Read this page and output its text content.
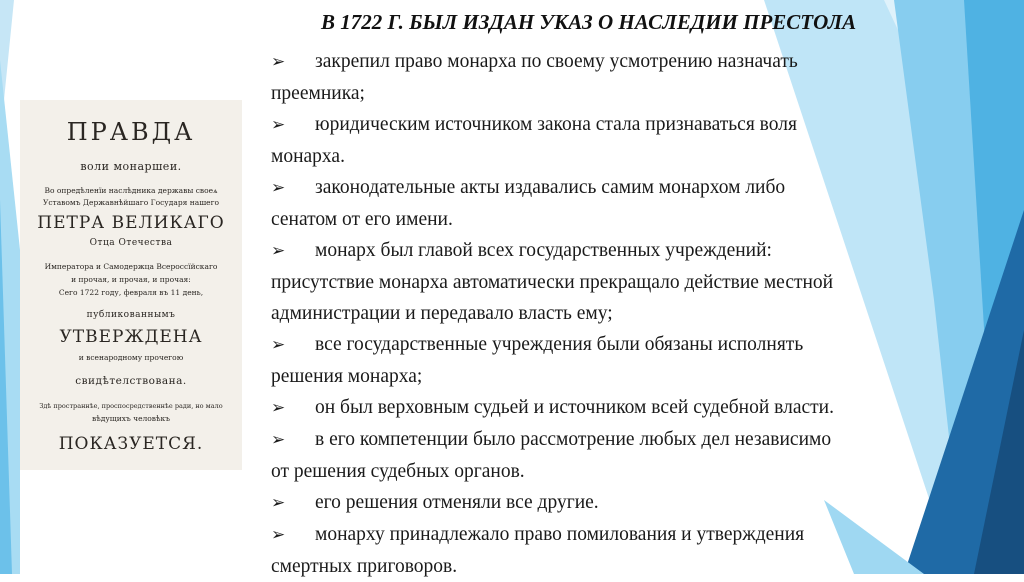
ПРАВДА
воли монаршеи.
Во опредѣленїи наслѣдника державы своеѧ
Уставомъ Державнѣйшаго Государя нашего
ПЕТРА ВЕЛИКАГО
Отца Отечества
Императора и Самодержца Всероссїйскаго
и прочая, и прочая, и прочая:
Сего 1722 году, февраля въ 11 день,
публикованнымъ
УТВЕРЖДЕНА
и всенародному прочегою
свидѣтелствована.
Здѣ пространнѣе, проспосредственнѣе ради, но мало
вѣдущихъ человѣкъ
ПОКАЗУЕТСЯ.
В 1722 Г. БЫЛ ИЗДАН УКАЗ О НАСЛЕДИИ ПРЕСТОЛА
➢ закрепил право монарха по своему усмотрению назначать
преемника;
➢ юридическим источником закона стала признаваться воля
монарха.
➢ законодательные акты издавались самим монархом либо
сенатом от его имени.
➢ монарх был главой всех государственных учреждений:
присутствие монарха автоматически прекращало действие местной
администрации и передавало власть ему;
➢ все государственные учреждения были обязаны исполнять
решения монарха;
➢ он был верховным судьей и источником всей судебной власти.
➢ в его компетенции было рассмотрение любых дел независимо
от решения судебных органов.
➢ его решения отменяли все другие.
➢ монарху принадлежало право помилования и утверждения
смертных приговоров.
